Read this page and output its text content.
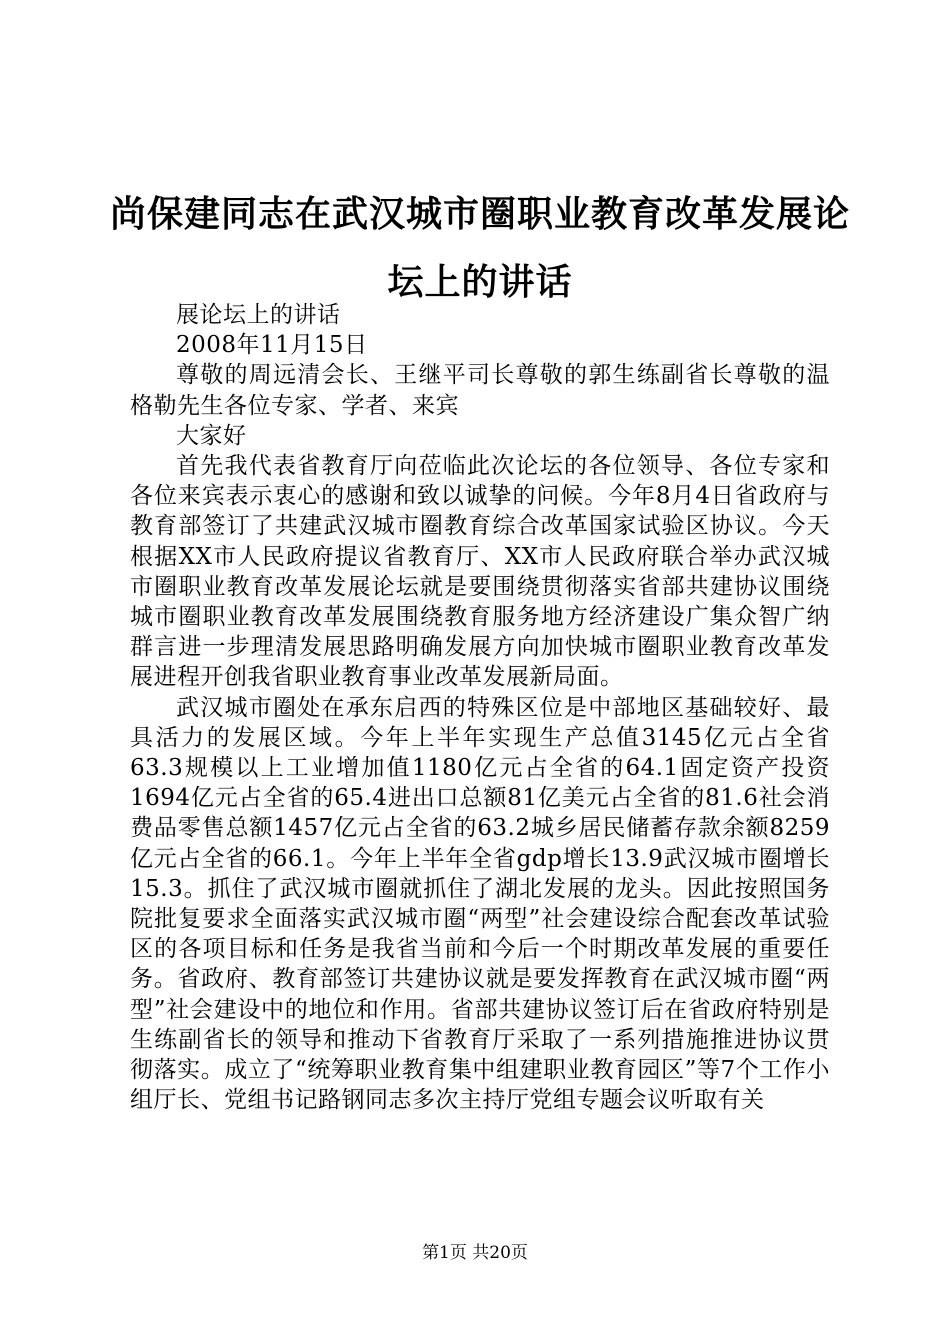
尚保建同志在武汉城市圈职业教育改革发展论坛上的讲话

展论坛上的讲话

2008年11月15日

尊敬的周远清会长、王继平司长尊敬的郭生练副省长尊敬的温格勒先生各位专家、学者、来宾

大家好

首先我代表省教育厅向莅临此次论坛的各位领导、各位专家和各位来宾表示衷心的感谢和致以诚挚的问候。今年8月4日省政府与教育部签订了共建武汉城市圈教育综合改革国家试验区协议。今天根据XX市人民政府提议省教育厅、XX市人民政府联合举办武汉城市圈职业教育改革发展论坛就是要围绕贯彻落实省部共建协议围绕城市圈职业教育改革发展围绕教育服务地方经济建设广集众智广纳群言进一步理清发展思路明确发展方向加快城市圈职业教育改革发展进程开创我省职业教育事业改革发展新局面。

武汉城市圈处在承东启西的特殊区位是中部地区基础较好、最具活力的发展区域。今年上半年实现生产总值3145亿元占全省63.3规模以上工业增加值1180亿元占全省的64.1固定资产投资1694亿元占全省的65.4进出口总额81亿美元占全省的81.6社会消费品零售总额1457亿元占全省的63.2城乡居民储蓄存款余额8259亿元占全省的66.1。今年上半年全省gdp增长13.9武汉城市圈增长15.3。抓住了武汉城市圈就抓住了湖北发展的龙头。因此按照国务院批复要求全面落实武汉城市圈“两型”社会建设综合配套改革试验区的各项目标和任务是我省当前和今后一个时期改革发展的重要任务。省政府、教育部签订共建协议就是要发挥教育在武汉城市圈“两型”社会建设中的地位和作用。省部共建协议签订后在省政府特别是生练副省长的领导和推动下省教育厅采取了一系列措施推进协议贯彻落实。成立了“统筹职业教育集中组建职业教育园区”等7个工作小组厅长、党组书记路钢同志多次主持厅党组专题会议听取有关

第1页 共20页
